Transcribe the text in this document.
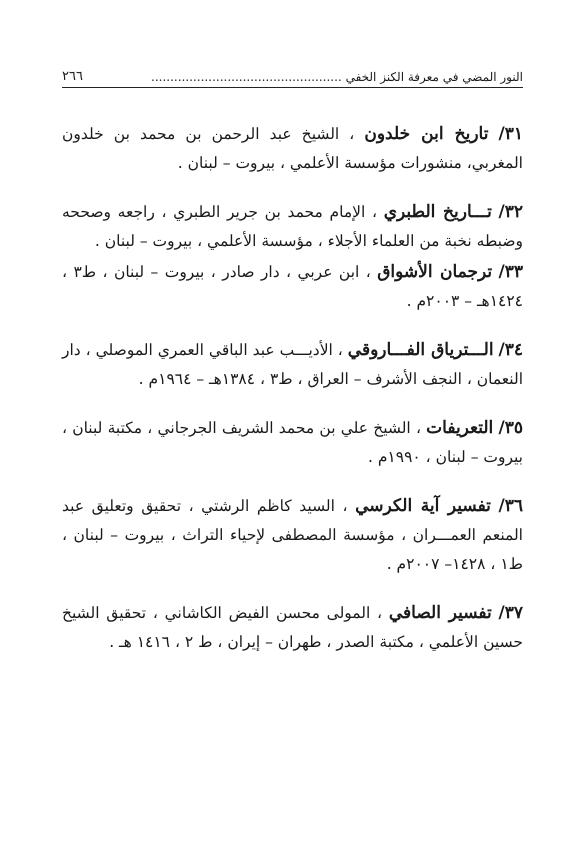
النور المضي في معرفة الكنز الخفي ..................................................
٢٦٦

٣١/ تاريخ ابن خلدون ، الشيخ عبد الرحمن بن محمد بن خلدون المغربي، منشورات مؤسسة الأعلمي ، بيروت – لبنان .

٣٢/ تـــاريخ الطبري ، الإمام محمد بن جرير الطبري ، راجعه وصححه وضبطه نخبة من العلماء الأجلاء ، مؤسسة الأعلمي ، بيروت – لبنان .

٣٣/ ترجمان الأشواق ، ابن عربي ، دار صادر ، بيروت – لبنان ، ط٣ ، ١٤٢٤هـ – ٢٠٠٣م .

٣٤/ الـــترياق الفـــاروقي ، الأديـــب عبد الباقي العمري الموصلي ، دار النعمان ، النجف الأشرف – العراق ، ط٣ ، ١٣٨٤هـ – ١٩٦٤م .

٣٥/ التعريفات ، الشيخ علي بن محمد الشريف الجرجاني ، مكتبة لبنان ، بيروت – لبنان ، ١٩٩٠م .

٣٦/ تفسير آية الكرسي ، السيد كاظم الرشتي ، تحقيق وتعليق عبد المنعم العمـــران ، مؤسسة المصطفى لإحياء التراث ، بيروت – لبنان ، ط١ ، ١٤٢٨– ٢٠٠٧م .

٣٧/ تفسير الصافي ، المولى محسن الفيض الكاشاني ، تحقيق الشيخ حسين الأعلمي ، مكتبة الصدر ، طهران – إيران ، ط ٢ ، ١٤١٦ هـ .
